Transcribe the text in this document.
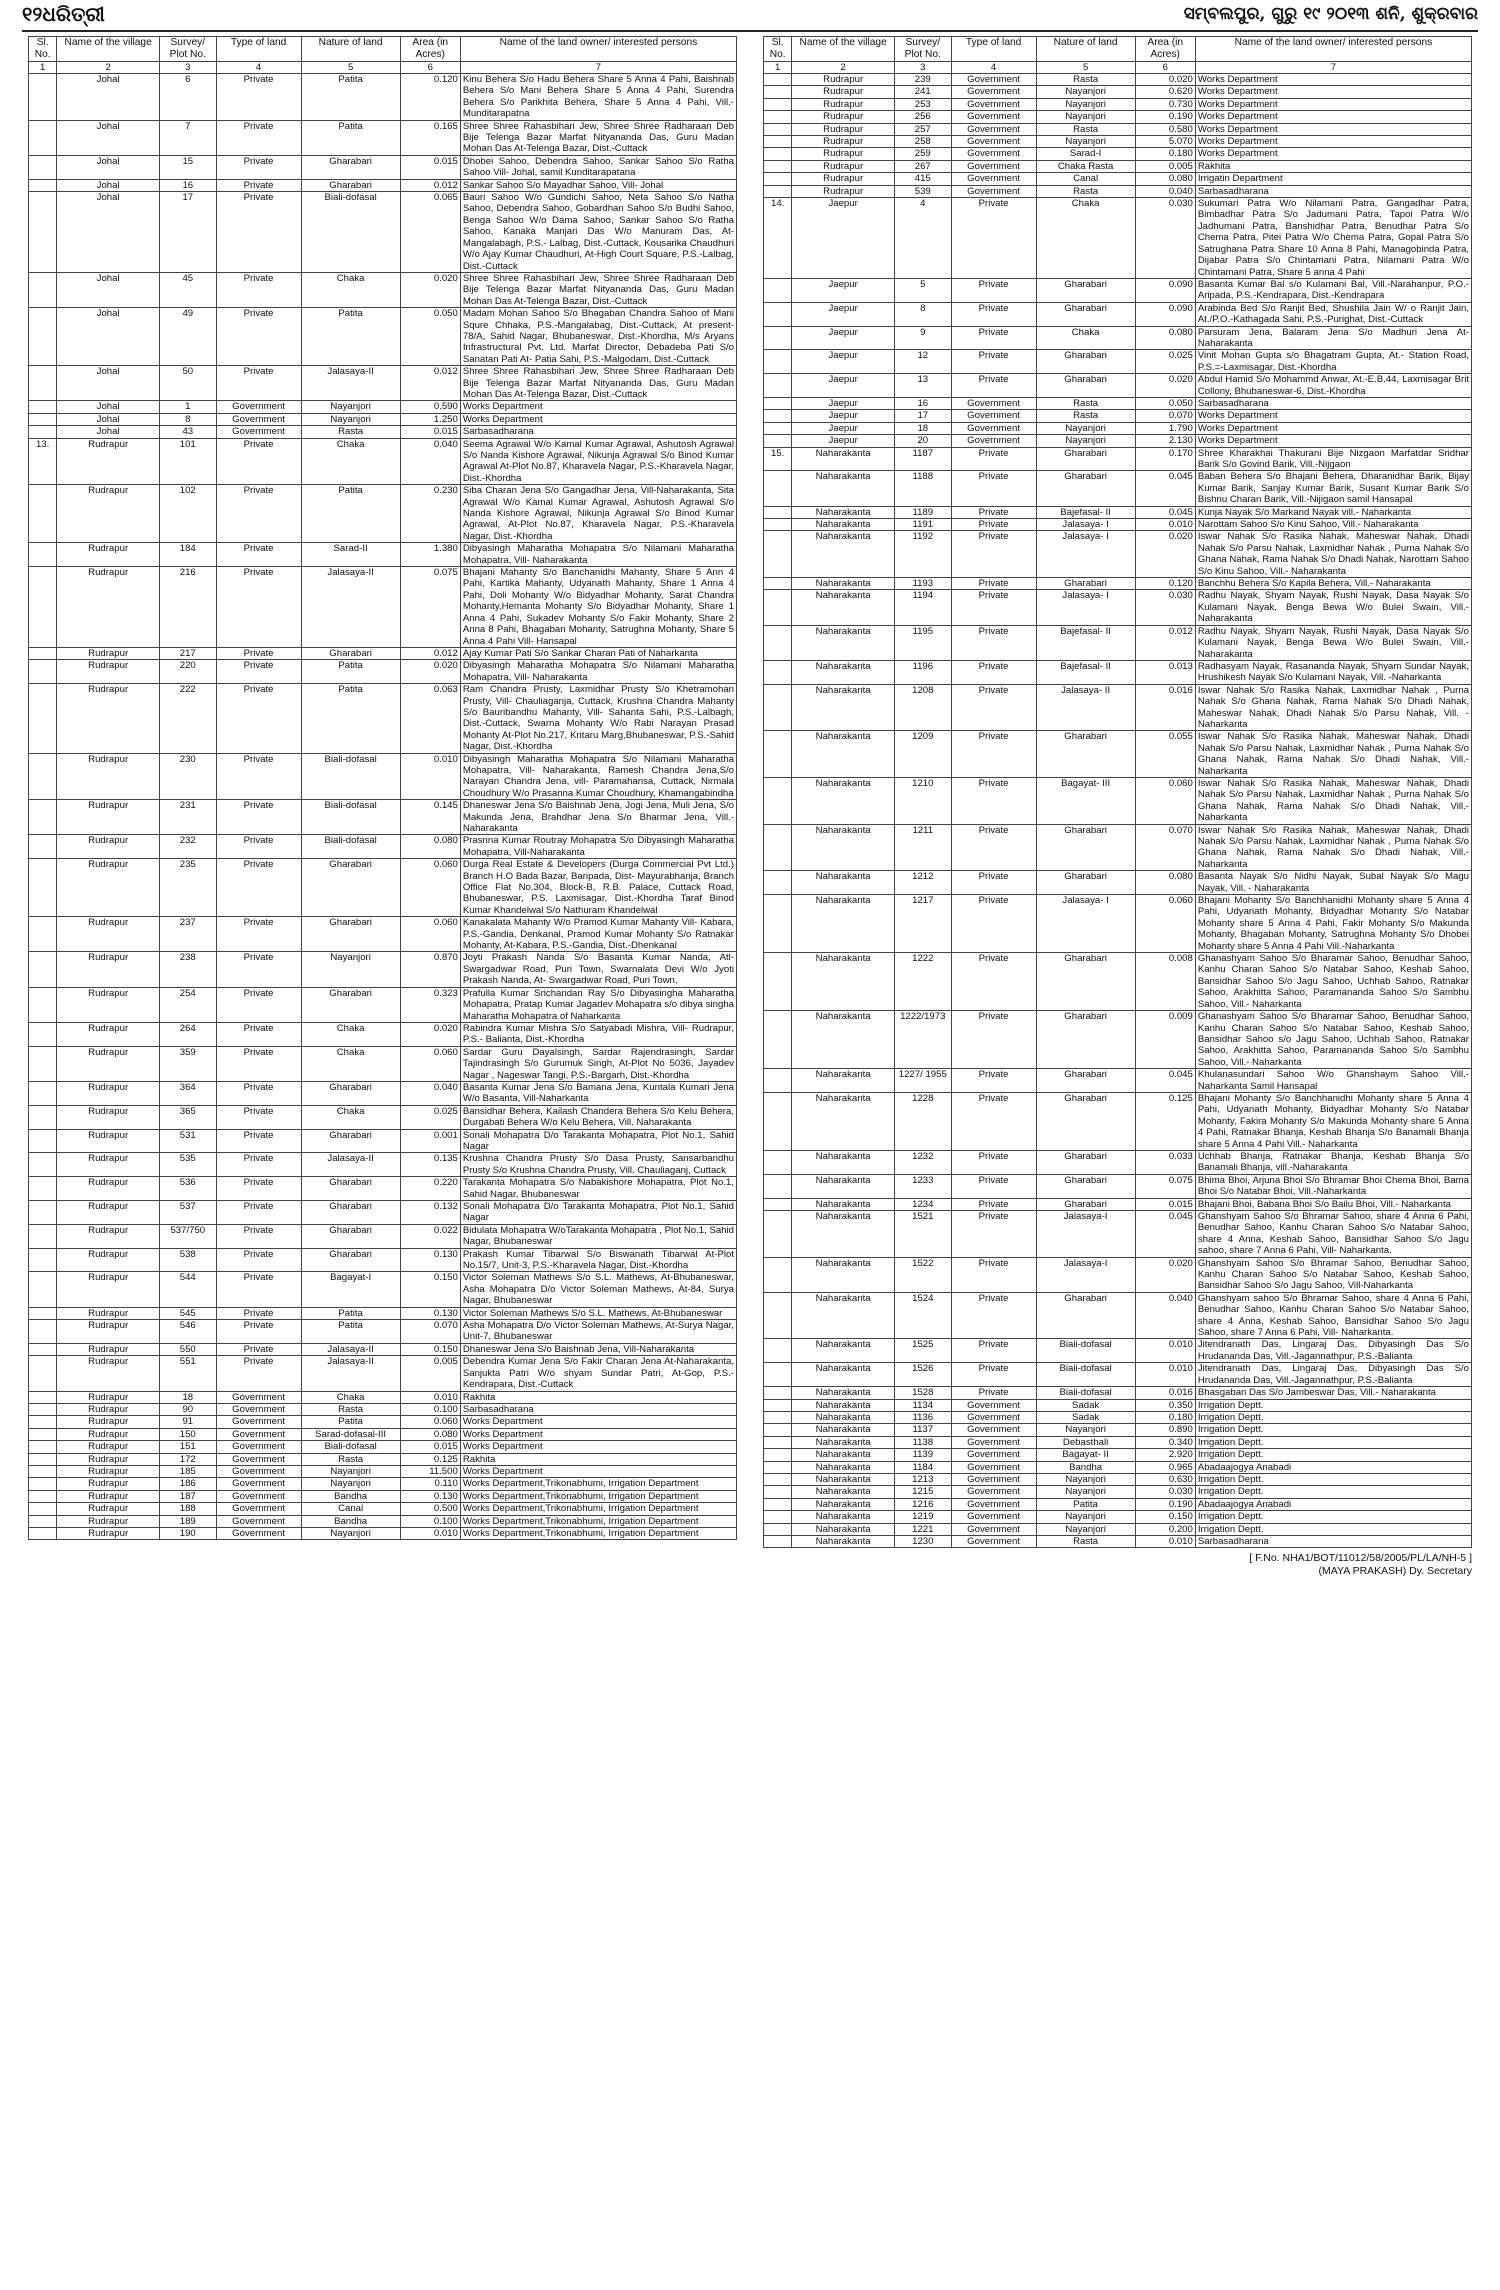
୧୨ଧରିତ୍ରୀ	ସମ୍ବଲପୁର, ଗୁରୁ ୧୯ ୨୦୧୩ ଶନି, ଶୁକ୍ରବାର
Sl. No.	Name of the village	Survey/ Plot No.	Type of land	Nature of land	Area (in Acres)	Name of the land owner/ interested persons
1	2	3	4	5	6	7
	Johal	6	Private	Patita	0.120	Kinu Behera S/o Hadu Behera Share 5 Anna 4 Pahi, Baishnab Behera S/o Mani Behera Share 5 Anna 4 Pahi, Surendra Behera S/o Parikhita Behera, Share 5 Anna 4 Pahi, Vill.-Munditarapatna
	Johal	7	Private	Patita	0.165	Shree Shree Rahasbihari Jew, Shree Shree Radharaan Deb Bije Telenga Bazar Marfat Nityananda Das, Guru Madan Mohan Das At-Telenga Bazar, Dist.-Cuttack
	Johal	15	Private	Gharabari	0.015	Dhobei Sahoo, Debendra Sahoo, Sankar Sahoo S/o Ratha Sahoo Vill- Johal, samil Kunditarapatana
	Johal	16	Private	Gharabari	0.012	Sankar Sahoo S/o Mayadhar Sahoo, Vill- Johal
	Johal	17	Private	Biali-dofasal	0.065	Bauri Sahoo W/o Gundichi Sahoo, Neta Sahoo S/o Natha Sahoo, Debendra Sahoo, Gobardhan Sahoo S/o Budhi Sahoo, Benga Sahoo W/o Dama Sahoo, Sankar Sahoo S/o Ratha Sahoo, Kanaka Manjari Das W/o Manuram Das, At- Mangalabagh, P.S.- Lalbag, Dist.-Cuttack, Kousarika Chaudhuri W/o Ajay Kumar Chaudhuri, At-High Court Square, P.S.-Lalbag, Dist.-Cuttack
	Johal	45	Private	Chaka	0.020	Shree Shree Rahasbihari Jew, Shree Shree Radharaan Deb Bije Telenga Bazar Marfat Nityananda Das, Guru Madan Mohan Das At-Telenga Bazar, Dist.-Cuttack
	Johal	49	Private	Patita	0.050	Madam Mohan Sahoo S/o Bhagaban Chandra Sahoo of Mani Squre Chhaka, P.S.-Mangalabag, Dist.-Cuttack, At present-78/A, Sahid Nagar, Bhubaneswar, Dist.-Khordha, M/s Aryans Infrastructural Pvt. Ltd. Marfat Director, Debadeba Pati S/o Sanatan Pati At- Patia Sahi, P.S.-Malgodam, Dist.-Cuttack
	Johal	50	Private	Jalasaya-II	0.012	Shree Shree Rahasbihari Jew, Shree Shree Radharaan Deb Bije Telenga Bazar Marfat Nityananda Das, Guru Madan Mohan Das At-Telenga Bazar, Dist.-Cuttack
	Johal	1	Government	Nayanjori	0.590	Works Department
	Johal	8	Government	Nayanjori	1.250	Works Department
	Johal	43	Government	Rasta	0.015	Sarbasadharana
13.	Rudrapur	101	Private	Chaka	0.040	Seema Agrawal W/o Kamal Kumar Agrawal, Ashutosh Agrawal S/o Nanda Kishore Agrawal, Nikunja Agrawal S/o Binod Kumar Agrawal At-Plot No.87, Kharavela Nagar, P.S.-Kharavela Nagar, Dist.-Khordha
	Rudrapur	102	Private	Patita	0.230	Siba Charan Jena S/o Gangadhar Jena, Vill-Naharakanta, Sita Agrawal W/o Kamal Kumar Agrawal, Ashutosh Agrawal S/o Nanda Kishore Agrawal, Nikunja Agrawal S/o Binod Kumar Agrawal, At-Plot No.87, Kharavela Nagar, P.S.-Kharavela Nagar, Dist.-Khordha
	Rudrapur	184	Private	Sarad-II	1.380	Dibyasingh Maharatha Mohapatra S/o Nilamani Maharatha Mohapatra, Vill- Naharakanta
	Rudrapur	216	Private	Jalasaya-II	0.075	Bhajani Mahanty S/o Banchanidhi Mahanty, Share 5 Ann 4 Pahi, Kartika Mahanty, Udyanath Mahanty, Share 1 Anna 4 Pahi, Doli Mohanty W/o Bidyadhar Mohanty, Sarat Chandra Mohanty,Hemanta Mohanty S/o Bidyadhar Mohanty, Share 1 Anna 4 Pahi, Sukadev Mohanty S/o Fakir Mohanty, Share 2 Anna 8 Pahi, Bhagaban Mohanty, Satrughna Mohanty, Share 5 Anna 4 Pahi Vill- Hansapal
	Rudrapur	217	Private	Gharabari	0.012	Ajay Kumar Pati S/o Sankar Charan Pati of Naharkanta
	Rudrapur	220	Private	Patita	0.020	Dibyasingh Maharatha Mohapatra S/o Nilamani Maharatha Mohapatra, Vill- Naharakanta
	Rudrapur	222	Private	Patita	0.063	Ram Chandra Prusty, Laxmidhar Prusty S/o Khetramohan Prusty, Vill- Chauliaganja, Cuttack, Krushna Chandra Mahanty S/o Bauribandhu Mahanty, Vill- Sahanta Sahi, P.S.-Lalbagh, Dist.-Cuttack, Swarna Mohanty W/o Rabi Narayan Prasad Mohanty At-Plot No.217, Kritaru Marg,Bhubaneswar, P.S.-Sahid Nagar, Dist.-Khordha
	Rudrapur	230	Private	Biali-dofasal	0.010	Dibyasingh Maharatha Mohapatra S/o Nilamani Maharatha Mohapatra, Vill- Naharakanta, Ramesh Chandra Jena,S/o Narayan Chandra Jena, vill- Paramahansa, Cuttack, Nirmala Choudhury W/o Prasanna Kumar Choudhury, Khamangabindha
	Rudrapur	231	Private	Biali-dofasal	0.145	Dhaneswar Jena S/o Baishnab Jena, Jogi Jena, Muli Jena, S/o Makunda Jena, Brahdhar Jena S/o Bharmar Jena, Vill.- Naharakanta
	Rudrapur	232	Private	Biali-dofasal	0.080	Prasnna Kumar Routray Mohapatra S/o Dibyasingh Maharatha Mohapatra, Vill-Naharakanta
	Rudrapur	235	Private	Gharabari	0.060	Durga Real Estate & Developers (Durga Commercial Pvt Ltd.) Branch H.O Bada Bazar, Baripada, Dist- Mayurabhanja, Branch Office Flat No.304, Block-B, R.B. Palace, Cuttack Road, Bhubaneswar, P.S. Laxmisagar, Dist.-Khordha Taraf Binod Kumar Khandelwal S/o Nathuram Khandelwal
	Rudrapur	237	Private	Gharabari	0.060	Kanakalata Mahanty W/o Pramod Kumar Mahanty Vill- Kabara, P.S.-Gandia, Denkanal, Pramod Kumar Mohanty S/o Ratnakar Mohanty, At-Kabara, P.S.-Gandia, Dist.-Dhenkanal
	Rudrapur	238	Private	Nayanjori	0.870	Joyti Prakash Nanda S/o Basanta Kumar Nanda, Atl- Swargadwar Road, Puri Town, Swarnalata Devi W/o Jyoti Prakash Nanda, At- Swargadwar Road, Puri Town,
	Rudrapur	254	Private	Gharabari	0.323	Prafulla Kumar Srichandan Ray S/o Dibyasingha Maharatha Mohapatra, Pratap Kumar Jagadev Mohapatra s/o dibya singha Maharatha Mohapatra of Naharkanta
	Rudrapur	264	Private	Chaka	0.020	Rabindra Kumar Mishra S/o Satyabadi Mishra, Vill- Rudrapur, P.S.- Balianta, Dist.-Khordha
	Rudrapur	359	Private	Chaka	0.060	Sardar Guru Dayalsingh, Sardar Rajendrasingh, Sardar Tajindrasingh S/o Gurumuk Singh, At-Plot No 5036, Jayadev Nagar , Nageswar Tangi, P.S.-Bargarh, Dist.-Khordha
	Rudrapur	364	Private	Gharabari	0.040	Basanta Kumar Jena S/o Bamana Jena, Kuntala Kumari Jena W/o Basanta, Vill-Naharkanta
	Rudrapur	365	Private	Chaka	0.025	Bansidhar Behera, Kailash Chandera Behera S/o Kelu Behera, Durgabati Behera W/o Kelu Behera, Vill. Naharakanta
	Rudrapur	531	Private	Gharabari	0.001	Sonali Mohapatra D/o Tarakanta Mohapatra, Plot No.1, Sahid Nagar
	Rudrapur	535	Private	Jalasaya-II	0.135	Krushna Chandra Prusty S/o Dasa Prusty, Sansarbandhu Prusty S/o Krushna Chandra Prusty, Vill. Chauliaganj, Cuttack
	Rudrapur	536	Private	Gharabari	0.220	Tarakanta Mohapatra S/o Nabakishore Mohapatra, Plot No.1, Sahid Nagar, Bhubaneswar
	Rudrapur	537	Private	Gharabari	0.132	Sonali Mohapatra D/o Tarakanta Mohapatra, Plot No.1, Sahid Nagar
	Rudrapur	537/750	Private	Gharabari	0.022	Bidulata Mohapatra W/oTarakanta Mohapatra , Plot No.1, Sahid Nagar, Bhubaneswar
	Rudrapur	538	Private	Gharabari	0.130	Prakash Kumar Tibarwal S/o Biswanath Tibarwal At-Plot No.15/7, Unit-3, P.S.-Kharavela Nagar, Dist.-Khordha
	Rudrapur	544	Private	Bagayat-I	0.150	Victor Soleman Mathews S/o S.L. Mathews, At-Bhubaneswar, Asha Mohapatra D/o Victor Soleman Mathews, At-84, Surya Nagar, Bhubaneswar
	Rudrapur	545	Private	Patita	0.130	Victor Soleman Mathews S/o S.L. Mathews, At-Bhubaneswar
	Rudrapur	546	Private	Patita	0.070	Asha Mohapatra D/o Victor Soleman Mathews, At-Surya Nagar, Unit-7, Bhubaneswar
	Rudrapur	550	Private	Jalasaya-II	0.150	Dhaneswar Jena S/o Baishnab Jena, Vill-Naharakanta
	Rudrapur	551	Private	Jalasaya-II	0.005	Debendra Kumar Jena S/o Fakir Charan Jena At-Naharakanta, Sanjukta Patri W/o shyam Sundar Patri, At-Gop, P.S.-Kendrapara, Dist.-Cuttack
	Rudrapur	18	Government	Chaka	0.010	Rakhita
	Rudrapur	90	Government	Rasta	0.100	Sarbasadharana
	Rudrapur	91	Government	Patita	0.060	Works Department
	Rudrapur	150	Government	Sarad-dofasal-III	0.080	Works Department
	Rudrapur	151	Government	Biali-dofasal	0.015	Works Department
	Rudrapur	172	Government	Rasta	0.125	Rakhita
	Rudrapur	185	Government	Nayanjori	11.500	Works Department
	Rudrapur	186	Government	Nayanjori	0.110	Works Department,Trikonabhumi, Irrigation Department
	Rudrapur	187	Government	Bandha	0.130	Works Department,Trikonabhumi, Irrigation Department
	Rudrapur	188	Government	Canal	0.500	Works Department,Trikonabhumi, Irrigation Department
	Rudrapur	189	Government	Bandha	0.100	Works Department,Trikonabhumi, Irrigation Department
	Rudrapur	190	Government	Nayanjori	0.010	Works Department,Trikonabhumi, Irrigation Department
Sl. No.	Name of the village	Survey/ Plot No.	Type of land	Nature of land	Area (in Acres)	Name of the land owner/ interested persons
1	2	3	4	5	6	7
	Rudrapur	239	Government	Rasta	0.020	Works Department
	Rudrapur	241	Government	Nayanjori	0.620	Works Department
	Rudrapur	253	Government	Nayanjori	0.730	Works Department
	Rudrapur	256	Government	Nayanjori	0.190	Works Department
	Rudrapur	257	Government	Rasta	0.580	Works Department
	Rudrapur	258	Government	Nayanjori	5.070	Works Department
	Rudrapur	259	Government	Sarad-I	0.180	Works Department
	Rudrapur	267	Government	Chaka Rasta	0.005	Rakhita
	Rudrapur	415	Government	Canal	0.080	Irrigatin Department
	Rudrapur	539	Government	Rasta	0.040	Sarbasadharana
14.	Jaepur	4	Private	Chaka	0.030	Sukumari Patra W/o Nilamani Patra, Gangadhar Patra, Bimbadhar Patra S/o Jadumani Patra, Tapoi Patra W/o Jadhumani Patra, Banshidhar Patra, Benudhar Patra S/o Chema Patra, Pitei Patra W/o Chema Patra, Gopal Patra S/o Satrughana Patra Share 10 Anna 8 Pahi, Managobinda Patra, Dijabar Patra S/o Chintamani Patra, Nilamani Patra W/o Chintamani Patra, Share 5 anna 4 Pahi
	Jaepur	5	Private	Gharabari	0.090	Basanta Kumar Bal s/o Kulamani Bal, Vill.-Narahanpur, P.O.-Aripada, P.S.-Kendrapara, Dist.-Kendrapara
	Jaepur	8	Private	Gharabari	0.090	Arabinda Bed S/o Ranjit Bed, Shushila Jain W/ o Ranjit Jain, At./P.O.-Kathagada Sahi, P.S.-Purighat, Dist.-Cuttack
	Jaepur	9	Private	Chaka	0.080	Parsuram Jena, Balaram Jena S/o Madhuri Jena At- Naharakanta
	Jaepur	12	Private	Gharabari	0.025	Vinit Mohan Gupta s/o Bhagatram Gupta, At.- Station Road, P.S.=-Laxmisagar, Dist.-Khordha
	Jaepur	13	Private	Gharabari	0.020	Abdul Hamid S/o Mohammd Anwar, At.-E.B.44, Laxmisagar Brit Collony, Bhubaneswar-6, Dist.-Khordha
	Jaepur	16	Government	Rasta	0.050	Sarbasadharana
	Jaepur	17	Government	Rasta	0.070	Works Department
	Jaepur	18	Government	Nayanjori	1.790	Works Department
	Jaepur	20	Government	Nayanjori	2.130	Works Department
15.	Naharakanta	1187	Private	Gharabari	0.170	Shree Kharakhai Thakurani Bije Nizgaon Marfatdar Sridhar Barik S/o Govind Barik, Vill.-Nijgaon
	Naharakanta	1188	Private	Gharabari	0.045	Baban Behera S/o Bhajani Behera, Dharanidhar Barik, Bijay Kumar Barik, Sanjay Kumar Barik, Susant Kumar Barik S/o Bishnu Charan Barik, Vill.-Nijigaon samil Hansapal
	Naharakanta	1189	Private	Bajefasal- II	0.045	Kunja Nayak S/o Markand Nayak vill.- Naharkanta
	Naharakanta	1191	Private	Jalasaya- I	0.010	Narottam Sahoo S/o Kinu Sahoo, Vill.- Naharakanta
	Naharakanta	1192	Private	Jalasaya- I	0.020	Iswar Nahak S/o Rasika Nahak, Maheswar Nahak, Dhadi Nahak S/o Parsu Nahak, Laxmidhar Nahak , Purna Nahak S/o Ghana Nahak, Rama Nahak S/o Dhadi Nahak, Narottam Sahoo S/o Kinu Sahoo, Vill.- Naharakanta
	Naharakanta	1193	Private	Gharabari	0.120	Banchhu Behera S/o Kapila Behera, Vill.- Naharakanta
	Naharakanta	1194	Private	Jalasaya- I	0.030	Radhu Nayak, Shyam Nayak, Rushi Nayak, Dasa Nayak S/o Kulamani Nayak, Benga Bewa W/o Bulei Swain, Vill.-Naharakanta
	Naharakanta	1195	Private	Bajefasal- II	0.012	Radhu Nayak, Shyam Nayak, Rushi Nayak, Dasa Nayak S/o Kulamani Nayak, Benga Bewa W/o Bulei Swain, Vill.-Naharakanta
	Naharakanta	1196	Private	Bajefasal- II	0.013	Radhasyam Nayak, Rasananda Nayak, Shyam Sundar Nayak, Hrushikesh Nayak S/o Kulamani Nayak, Vill. -Naharkanta
	Naharakanta	1208	Private	Jalasaya- II	0.016	Iswar Nahak S/o Rasika Nahak, Laxmidhar Nahak , Purna Nahak S/o Ghana Nahak, Rama Nahak S/o Dhadi Nahak, Maheswar Nahak, Dhadi Nahak S/o Parsu Nahak, Vill. -Naharkanta
	Naharakanta	1209	Private	Gharabari	0.055	Iswar Nahak S/o Rasika Nahak, Maheswar Nahak, Dhadi Nahak S/o Parsu Nahak, Laxmidhar Nahak , Purna Nahak S/o Ghana Nahak, Rama Nahak S/o Dhadi Nahak, Vill.- Naharkanta
	Naharakanta	1210	Private	Bagayat- III	0.060	Iswar Nahak S/o Rasika Nahak, Maheswar Nahak, Dhadi Nahak S/o Parsu Nahak, Laxmidhar Nahak , Purna Nahak S/o Ghana Nahak, Rama Nahak S/o Dhadi Nahak, Vill.- Naharkanta
	Naharakanta	1211	Private	Gharabari	0.070	Iswar Nahak S/o Rasika Nahak, Maheswar Nahak, Dhadi Nahak S/o Parsu Nahak, Laxmidhar Nahak , Purna Nahak S/o Ghana Nahak, Rama Nahak S/o Dhadi Nahak, Vill.- Naharkanta
	Naharakanta	1212	Private	Gharabari	0.080	Basanta Nayak S/o Nidhi Nayak, Subal Nayak S/o Magu Nayak, Vill. - Naharakanta
	Naharakanta	1217	Private	Jalasaya- I	0.060	Bhajani Mohanty S/o Banchhanidhi Mohanty share 5 Anna 4 Pahi, Udyanath Mohanty, Bidyadhar Mohanty S/o Natabar Mohanty share 5 Anna 4 Pahi, Fakir Mohanty S/o Makunda Mohanty, Bhagaban Mohanty, Satrughna Mohanty S/o Dhobei Mohanty share 5 Anna 4 Pahi Vill.-Naharkanta
	Naharakanta	1222	Private	Gharabari	0.008	Ghanashyam Sahoo S/o Bharamar Sahoo, Benudhar Sahoo, Kanhu Charan Sahoo S/o Natabar Sahoo, Keshab Sahoo, Bansidhar Sahoo S/o Jagu Sahoo, Uchhab Sahoo, Ratnakar Sahoo, Arakhitta Sahoo, Paramananda Sahoo S/o Sambhu Sahoo, Vill.- Naharkanta
	Naharakanta	1222/1973	Private	Gharabari	0.009	Ghanashyam Sahoo S/o Bharamar Sahoo, Benudhar Sahoo, Kanhu Charan Sahoo S/o Natabar Sahoo, Keshab Sahoo, Bansidhar Sahoo s/o Jagu Sahoo, Uchhab Sahoo, Ratnakar Sahoo, Arakhitta Sahoo, Paramananda Sahoo S/o Sambhu Sahoo, Vill.- Naharkanta
	Naharakanta	1227/ 1955	Private	Gharabari	0.045	Khulanasundari Sahoo W/o Ghanshaym Sahoo Vill.-Naharkanta Samil Hansapal
	Naharakanta	1228	Private	Gharabari	0.125	Bhajani Mohanty S/o Banchhanidhi Mohanty share 5 Anna 4 Pahi, Udyanath Mohanty, Bidyadhar Mohanty S/o Natabar Mohanty, Fakira Mohanty S/o Makunda Mohanty share 5 Anna 4 Pahi, Ratnakar Bhanja, Keshab Bhanja S/o Banamali Bhanja share 5 Anna 4 Pahi Vill.- Naharkanta
	Naharakanta	1232	Private	Gharabari	0.033	Uchhab Bhanja, Ratnakar Bhanja, Keshab Bhanja S/o Banamali Bhanja, vill.-Naharakanta
	Naharakanta	1233	Private	Gharabari	0.075	Bhima Bhoi, Arjuna Bhoi S/o Bhramar Bhoi Chema Bhoi, Bama Bhoi S/o Natabar Bhoi, Vill.-Naharkanta
	Naharakanta	1234	Private	Gharabari	0.015	Bhajani Bhoi, Babana Bhoi S/o Bailu Bhoi, Vill.- Naharkanta
	Naharakanta	1521	Private	Jalasaya-I	0.045	Ghanshyam Sahoo S/o Bhramar Sahoo, share 4 Anna 6 Pahi, Benudhar Sahoo, Kanhu Charan Sahoo S/o Natabar Sahoo, share 4 Anna, Keshab Sahoo, Bansidhar Sahoo S/o Jagu sahoo, share 7 Anna 6 Pahi, Vill- Naharkanta.
	Naharakanta	1522	Private	Jalasaya-I	0.020	Ghanshyam Sahoo S/o Bhramar Sahoo, Benudhar Sahoo, Kanhu Charan Sahoo S/o Natabar Sahoo, Keshab Sahoo, Bansidhar Sahoo S/o Jagu Sahoo, Vill-Naharkanta
	Naharakanta	1524	Private	Gharabari	0.040	Ghanshyam sahoo S/o Bhramar Sahoo, share 4 Anna 6 Pahi, Benudhar Sahoo, Kanhu Charan Sahoo S/o Natabar Sahoo, share 4 Anna, Keshab Sahoo, Bansidhar Sahoo S/o Jagu Sahoo, share 7 Anna 6 Pahi, Vill- Naharkanta.
	Naharakanta	1525	Private	Biali-dofasal	0.010	Jitendranath Das, Lingaraj Das, Dibyasingh Das S/o Hrudananda Das, Vill.-Jagannathpur, P.S.-Balianta
	Naharakanta	1526	Private	Biali-dofasal	0.010	Jitendranath Das, Lingaraj Das, Dibyasingh Das S/o Hrudananda Das, Vill.-Jagannathpur, P.S.-Balianta
	Naharakanta	1528	Private	Biali-dofasal	0.016	Bhasgaban Das S/o Jambeswar Das, Vill.- Naharakanta
	Naharakanta	1134	Government	Sadak	0.350	Irrigation Deptt.
	Naharakanta	1136	Government	Sadak	0.180	Irrigation Deptt.
	Naharakanta	1137	Government	Nayanjori	0.890	Irrigation Deptt.
	Naharakanta	1138	Government	Debasthali	0.340	Irrigation Deptt.
	Naharakanta	1139	Government	Bagayat- II	2.920	Irrigation Deptt.
	Naharakanta	1184	Government	Bandha	0.965	Abadaajogya Anabadi
	Naharakanta	1213	Government	Nayanjori	0.630	Irrigation Deptt.
	Naharakanta	1215	Government	Nayanjori	0.030	Irrigation Deptt.
	Naharakanta	1216	Government	Patita	0.190	Abadaajogya Anabadi
	Naharakanta	1219	Government	Nayanjori	0.150	Irrigation Deptt.
	Naharakanta	1221	Government	Nayanjori	0.200	Irrigation Deptt.
	Naharakanta	1230	Government	Rasta	0.010	Sarbasadharana
[ F.No. NHA1/BOT/11012/58/2005/PL/LA/NH-5 ]
(MAYA PRAKASH) Dy. Secretary
